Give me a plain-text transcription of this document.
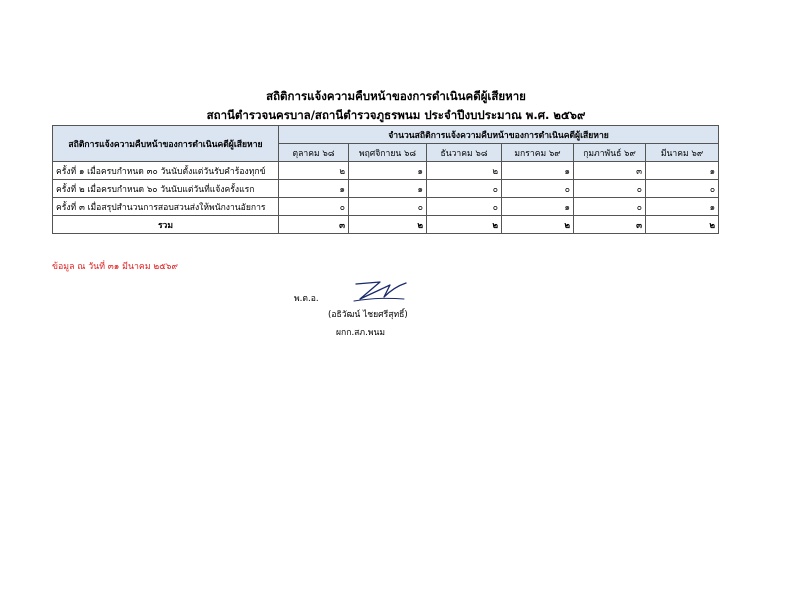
สถิติการแจ้งความคืบหน้าของการดำเนินคดีผู้เสียหาย
สถานีตำรวจนครบาล/สถานีตำรวจภูธรพนม ประจำปีงบประมาณ พ.ศ. ๒๕๖๙
สถิติการแจ้งความคืบหน้าของการดำเนินคดีผู้เสียหาย	จำนวนสถิติการแจ้งความคืบหน้าของการดำเนินคดีผู้เสียหาย					
	ตุลาคม ๖๘	พฤศจิกายน ๖๘	ธันวาคม ๖๘	มกราคม ๖๙	กุมภาพันธ์ ๖๙	มีนาคม ๖๙
ครั้งที่ ๑ เมื่อครบกำหนด ๓๐ วันนับตั้งแต่วันรับคำร้องทุกข์	๒	๑	๒	๑	๓	๑
ครั้งที่ ๒ เมื่อครบกำหนด ๖๐ วันนับแต่วันที่แจ้งครั้งแรก	๑	๑	๐	๐	๐	๐
ครั้งที่ ๓ เมื่อสรุปสำนวนการสอบสวนส่งให้พนักงานอัยการ	๐	๐	๐	๑	๐	๑
รวม	๓	๒	๒	๒	๓	๒
ข้อมูล ณ วันที่ ๓๑ มีนาคม ๒๕๖๙
พ.ต.อ.
(อธิวัฒน์ ไชยศรีสุทธิ์)
ผกก.สภ.พนม
